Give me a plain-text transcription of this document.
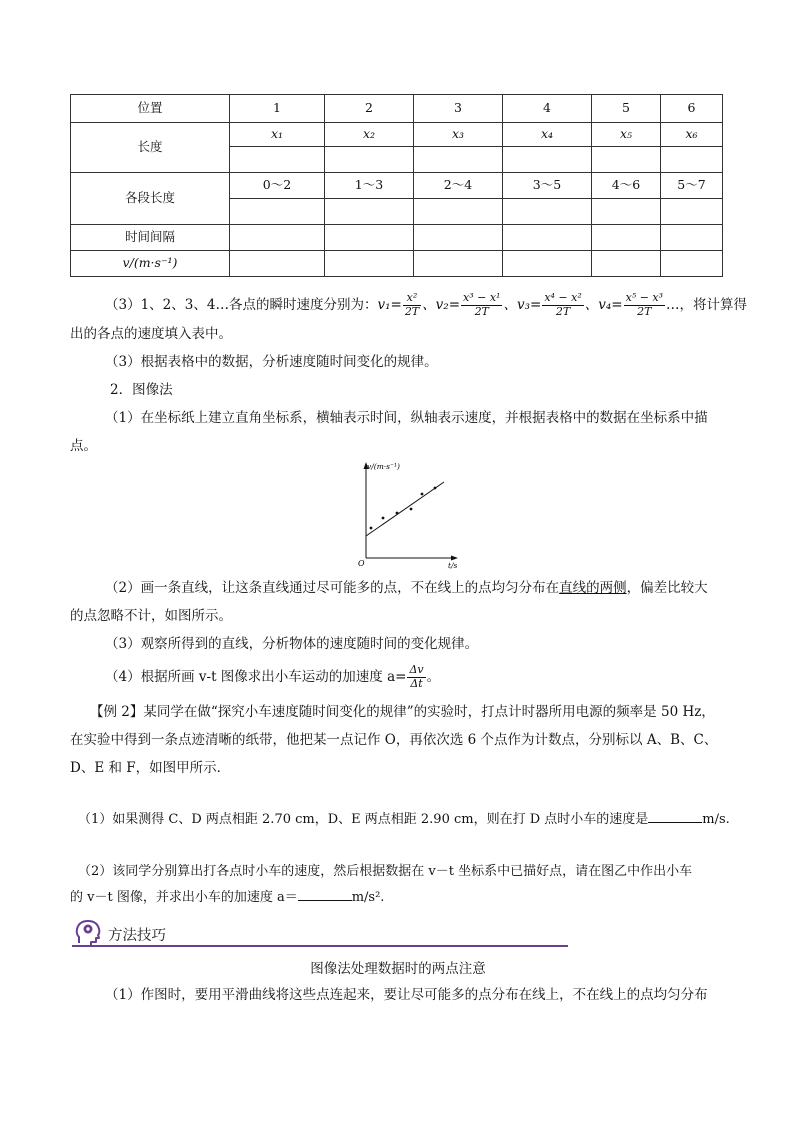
位置	1	2	3	4	5	6
长度	x₁	x₂	x₃	x₄	x₅	x₆

各段长度	0～2	1～3	2～4	3～5	4～6	5～7

时间间隔						
v/(m·s⁻¹)						
（3）1、2、3、4…各点的瞬时速度分别为：$v_1= \frac{\text{x²}}{2T}$ 、$v_2= \frac{\text{x³ − x¹}}{2T}$ 、$v_3= \frac{\text{x⁴ − x²}}{2T}$ 、$v_4= \frac{\text{x⁵ − x³}}{2T}$ …，将计算得
出的各点的速度填入表中。
（3）根据表格中的数据，分析速度随时间变化的规律。
2．图像法
（1）在坐标纸上建立直角坐标系，横轴表示时间，纵轴表示速度，并根据表格中的数据在坐标系中描
点。
v/(m·s⁻¹)
t/s
O
（2）画一条直线，让这条直线通过尽可能多的点，不在线上的点均匀分布在直线的两侧，偏差比较大
的点忽略不计，如图所示。
（3）观察所得到的直线，分析物体的速度随时间的变化规律。
（4）根据所画 v-t 图像求出小车运动的加速度 $a= \frac{\Delta v}{\Delta t}$ 。
【例 2】某同学在做“探究小车速度随时间变化的规律”的实验时，打点计时器所用电源的频率是 50 Hz，
在实验中得到一条点迹清晰的纸带，他把某一点记作 O，再依次选 6 个点作为计数点，分别标以 A、B、C、
D、E 和 F，如图甲所示．
（1）如果测得 C、D 两点相距 2.70 cm，D、E 两点相距 2.90 cm，则在打 D 点时小车的速度是	m/s.
（2）该同学分别算出打各点时小车的速度，然后根据数据在 v－t 坐标系中已描好点，请在图乙中作出小车
的 v－t 图像，并求出小车的加速度 a＝	m/s².
方法技巧
图像法处理数据时的两点注意
（1）作图时，要用平滑曲线将这些点连起来，要让尽可能多的点分布在线上，不在线上的点均匀分布
